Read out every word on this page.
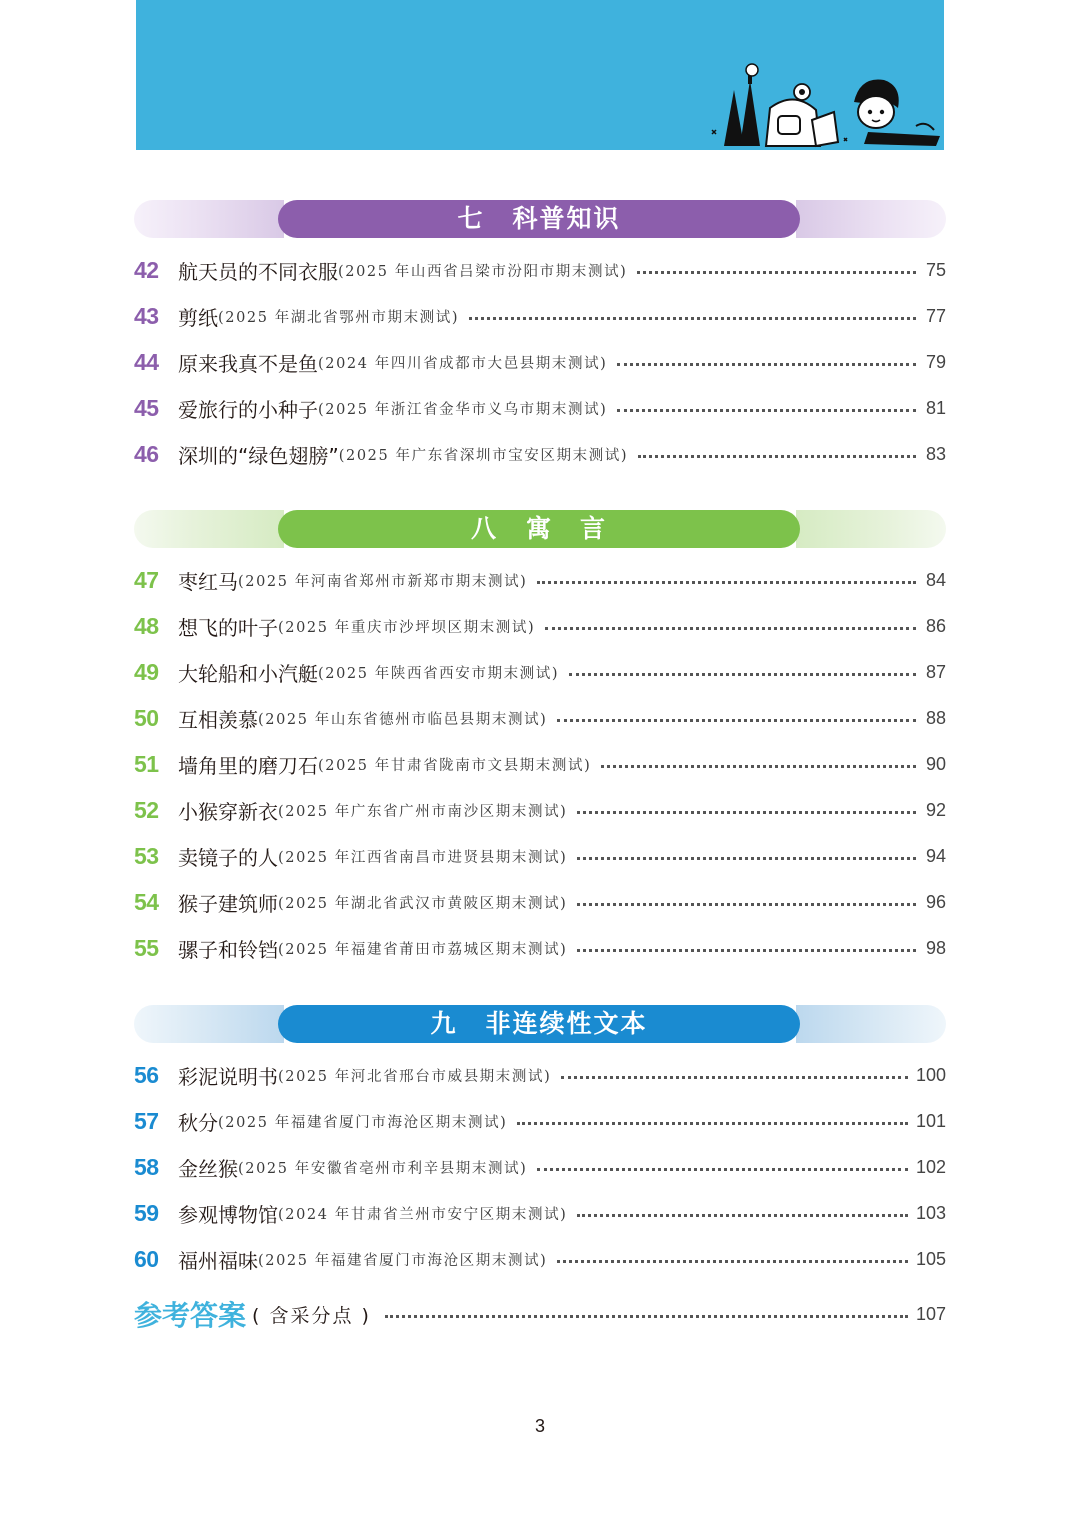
七 科普知识
42 航天员的不同衣服 (2025 年山西省吕梁市汾阳市期末测试)	75
43 剪纸 (2025 年湖北省鄂州市期末测试)	77
44 原来我真不是鱼 (2024 年四川省成都市大邑县期末测试)	79
45 爱旅行的小种子 (2025 年浙江省金华市义乌市期末测试)	81
46 深圳的“绿色翅膀” (2025 年广东省深圳市宝安区期末测试)	83
八 寓　言
47 枣红马 (2025 年河南省郑州市新郑市期末测试)	84
48 想飞的叶子 (2025 年重庆市沙坪坝区期末测试)	86
49 大轮船和小汽艇 (2025 年陕西省西安市期末测试)	87
50 互相羡慕 (2025 年山东省德州市临邑县期末测试)	88
51 墙角里的磨刀石 (2025 年甘肃省陇南市文县期末测试)	90
52 小猴穿新衣 (2025 年广东省广州市南沙区期末测试)	92
53 卖镜子的人 (2025 年江西省南昌市进贤县期末测试)	94
54 猴子建筑师 (2025 年湖北省武汉市黄陂区期末测试)	96
55 骡子和铃铛 (2025 年福建省莆田市荔城区期末测试)	98
九 非连续性文本
56 彩泥说明书 (2025 年河北省邢台市威县期末测试)	100
57 秋分 (2025 年福建省厦门市海沧区期末测试)	101
58 金丝猴 (2025 年安徽省亳州市利辛县期末测试)	102
59 参观博物馆 (2024 年甘肃省兰州市安宁区期末测试)	103
60 福州福味 (2025 年福建省厦门市海沧区期末测试)	105
参考答案 ( 含采分点 )	107
3
